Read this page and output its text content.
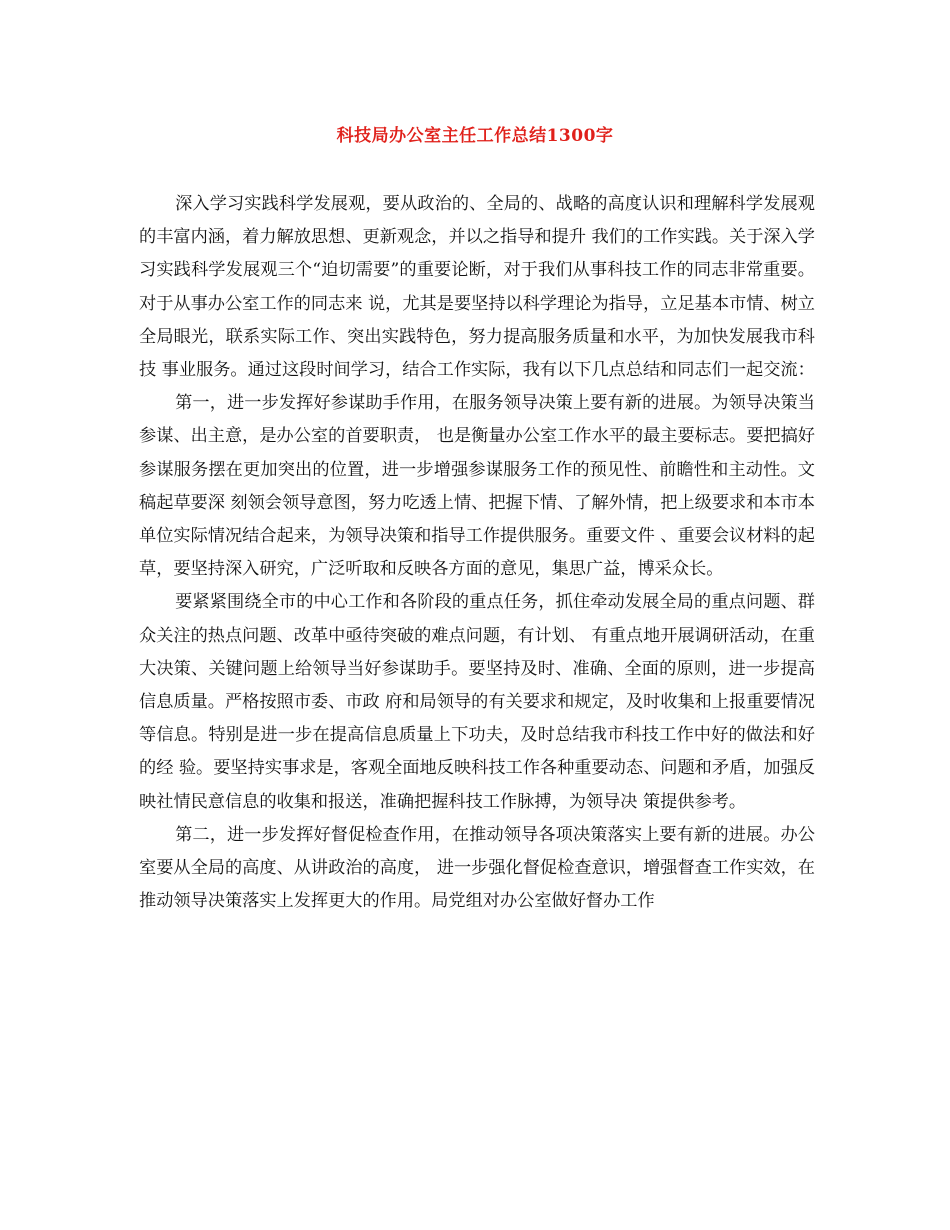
科技局办公室主任工作总结1300字

深入学习实践科学发展观，要从政治的、全局的、战略的高度认识和理解科学发展观的丰富内涵，着力解放思想、更新观念，并以之指导和提升 我们的工作实践。关于深入学习实践科学发展观三个“迫切需要”的重要论断，对于我们从事科技工作的同志非常重要。对于从事办公室工作的同志来 说，尤其是要坚持以科学理论为指导，立足基本市情、树立全局眼光，联系实际工作、突出实践特色，努力提高服务质量和水平，为加快发展我市科技 事业服务。通过这段时间学习，结合工作实际，我有以下几点总结和同志们一起交流：

第一，进一步发挥好参谋助手作用，在服务领导决策上要有新的进展。为领导决策当参谋、出主意，是办公室的首要职责， 也是衡量办公室工作水平的最主要标志。要把搞好参谋服务摆在更加突出的位置，进一步增强参谋服务工作的预见性、前瞻性和主动性。文稿起草要深 刻领会领导意图，努力吃透上情、把握下情、了解外情，把上级要求和本市本单位实际情况结合起来，为领导决策和指导工作提供服务。重要文件 、重要会议材料的起草，要坚持深入研究，广泛听取和反映各方面的意见，集思广益，博采众长。

要紧紧围绕全市的中心工作和各阶段的重点任务，抓住牵动发展全局的重点问题、群众关注的热点问题、改革中亟待突破的难点问题，有计划、 有重点地开展调研活动，在重大决策、关键问题上给领导当好参谋助手。要坚持及时、准确、全面的原则，进一步提高信息质量。严格按照市委、市政 府和局领导的有关要求和规定，及时收集和上报重要情况等信息。特别是进一步在提高信息质量上下功夫，及时总结我市科技工作中好的做法和好的经 验。要坚持实事求是，客观全面地反映科技工作各种重要动态、问题和矛盾，加强反映社情民意信息的收集和报送，准确把握科技工作脉搏，为领导决 策提供参考。

第二，进一步发挥好督促检查作用，在推动领导各项决策落实上要有新的进展。办公室要从全局的高度、从讲政治的高度， 进一步强化督促检查意识，增强督查工作实效，在推动领导决策落实上发挥更大的作用。局党组对办公室做好督办工作
